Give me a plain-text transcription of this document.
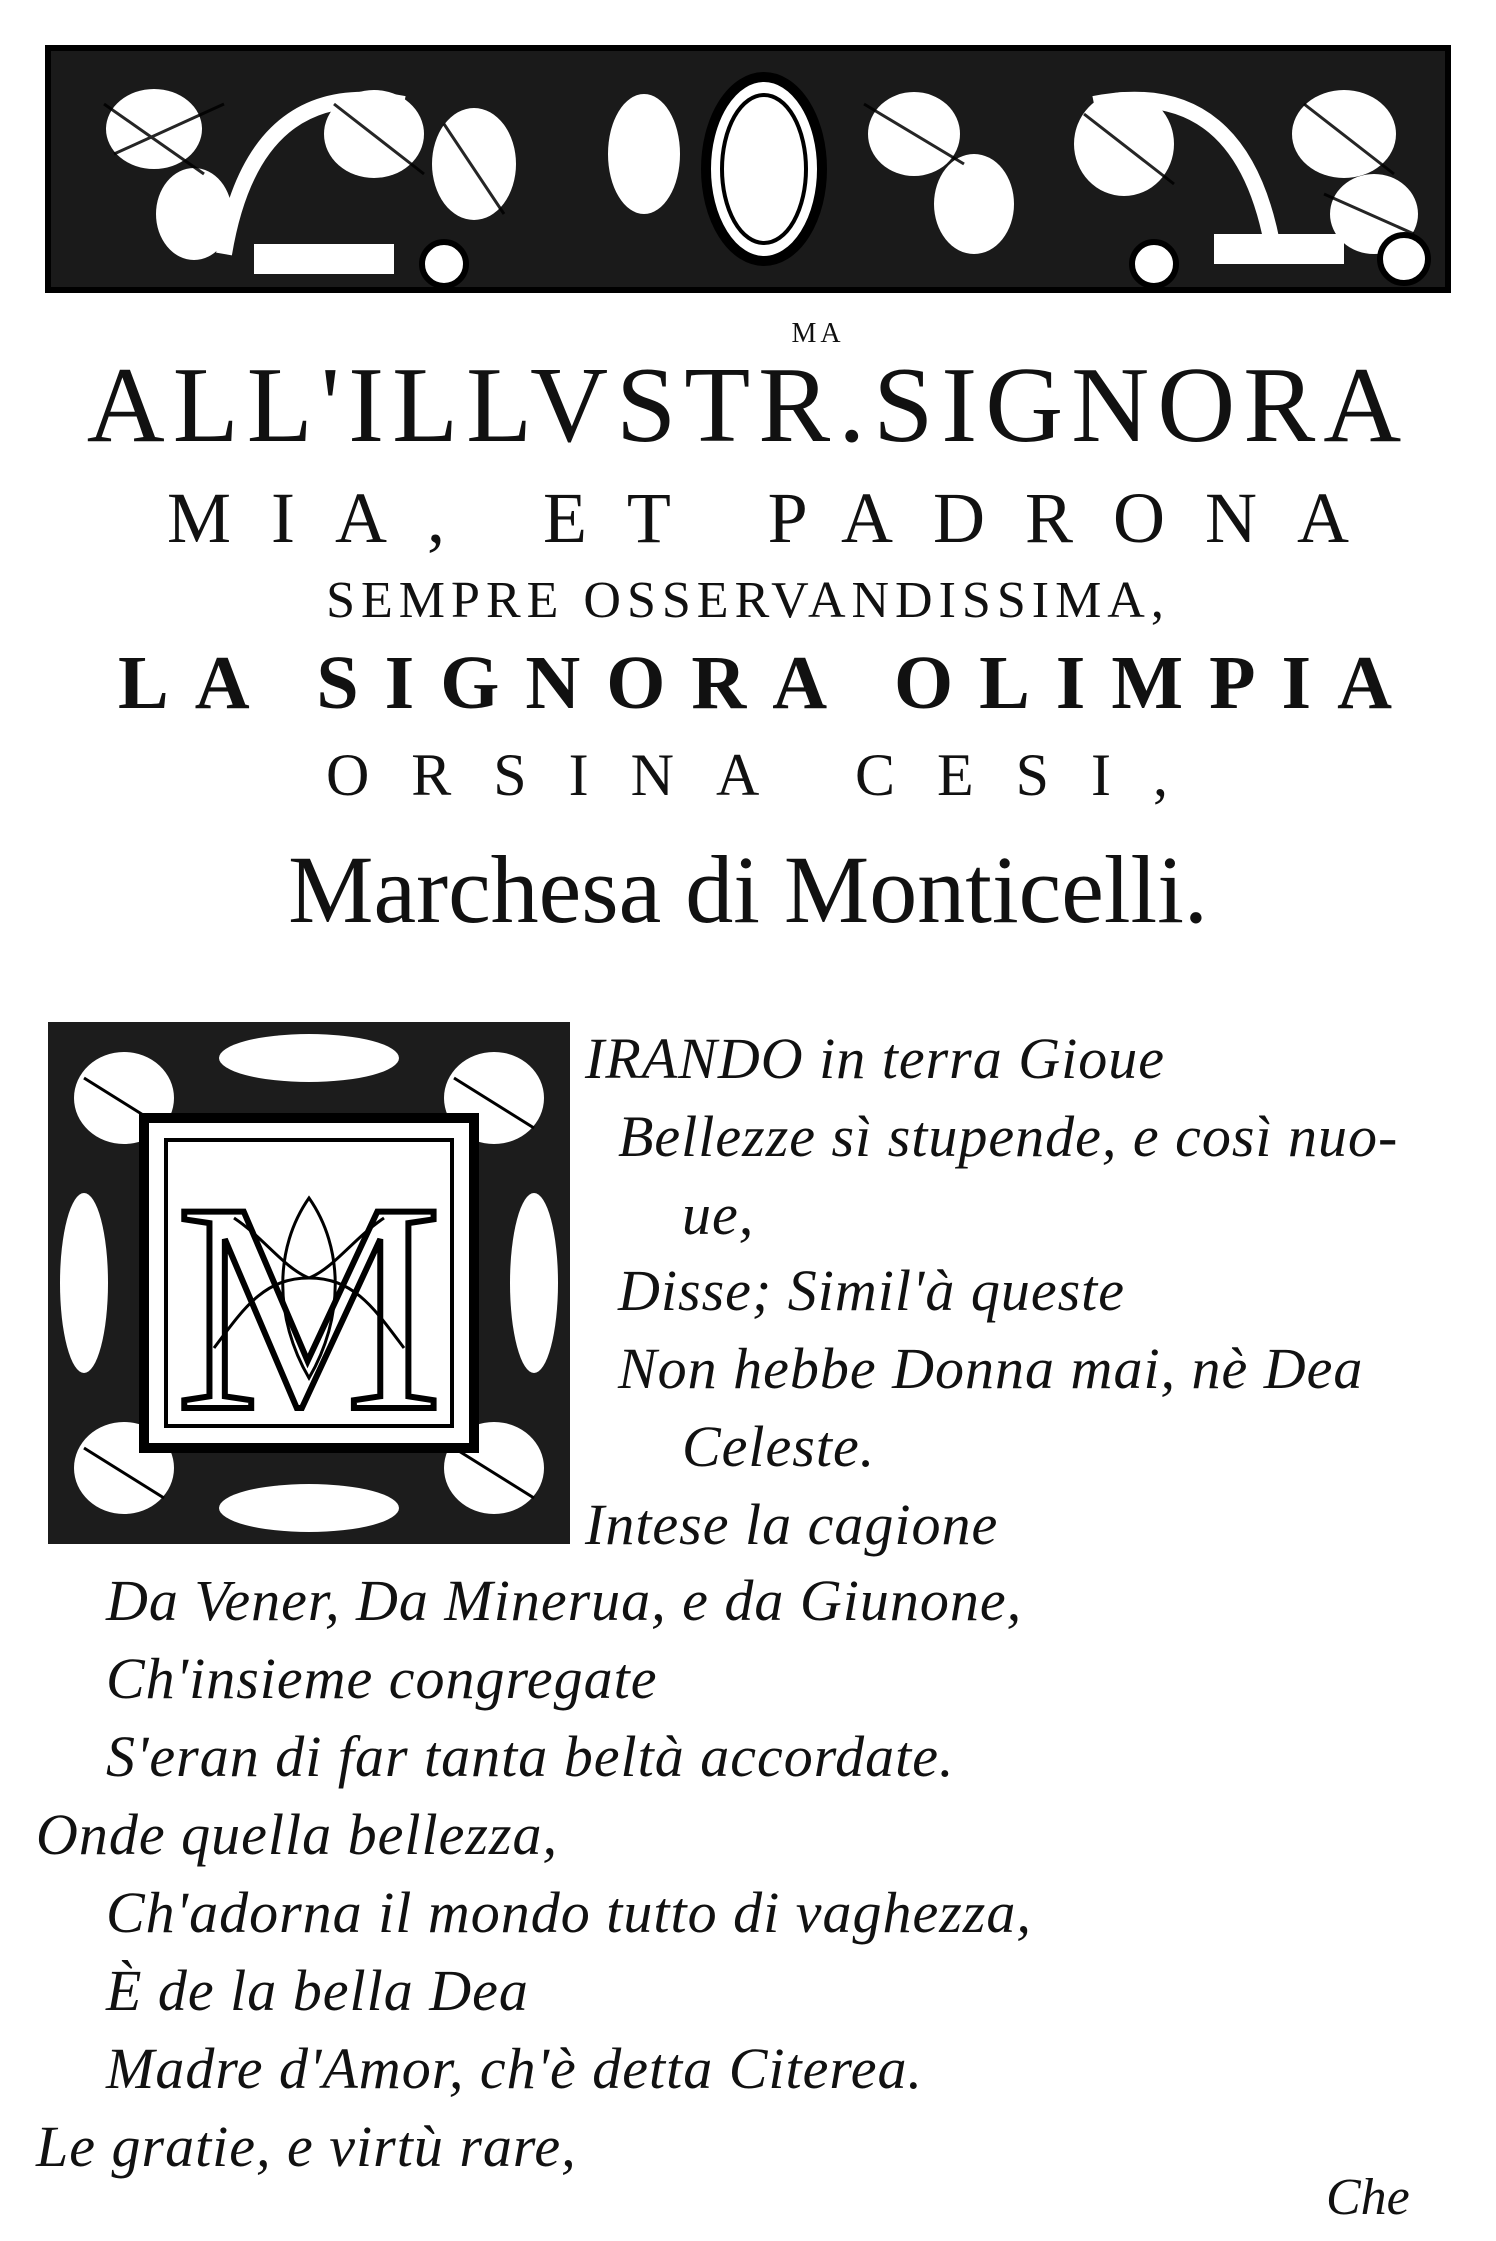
MA
ALL'ILLVSTR.SIGNORA
MIA, ET PADRONA
SEMPRE OSSERVANDISSIMA,
LA SIGNORA OLIMPIA
ORSINA CESI,
Marchesa di Monticelli.
M
IRANDO in terra Gioue
Bellezze sì stupende, e così nuo-
ue,
Disse; Simil'à queste
Non hebbe Donna mai, nè Dea
Celeste.
Intese la cagione
Da Vener, Da Minerua, e da Giunone,
Ch'insieme congregate
S'eran di far tanta beltà accordate.
Onde quella bellezza,
Ch'adorna il mondo tutto di vaghezza,
È de la bella Dea
Madre d'Amor, ch'è detta Citerea.
Le gratie, e virtù rare,
Che
